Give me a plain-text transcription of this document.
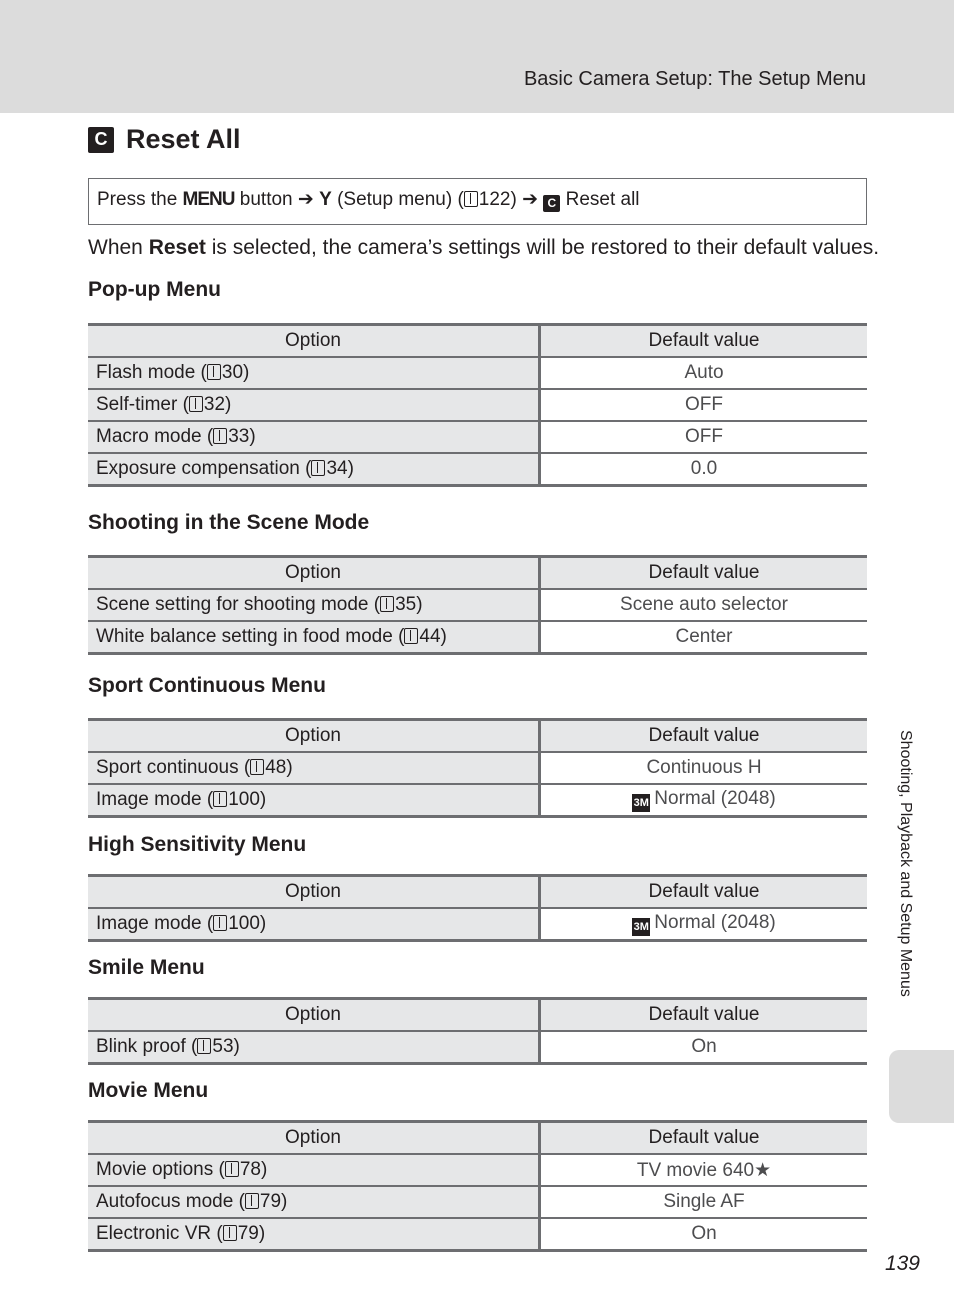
Basic Camera Setup: The Setup Menu
C Reset All
Press the MENU button ➔ Y (Setup menu) ( 122) ➔ C Reset all
When Reset is selected, the camera’s settings will be restored to their default values.
Pop-up Menu
Option	Default value
Flash mode ( 30)	Auto
Self-timer ( 32)	OFF
Macro mode ( 33)	OFF
Exposure compensation ( 34)	0.0
Shooting in the Scene Mode
Option	Default value
Scene setting for shooting mode ( 35)	Scene auto selector
White balance setting in food mode ( 44)	Center
Sport Continuous Menu
Option	Default value
Sport continuous ( 48)	Continuous H
Image mode ( 100)	3M Normal (2048)
High Sensitivity Menu
Option	Default value
Image mode ( 100)	3M Normal (2048)
Smile Menu
Option	Default value
Blink proof ( 53)	On
Movie Menu
Option	Default value
Movie options ( 78)	TV movie 640★
Autofocus mode ( 79)	Single AF
Electronic VR ( 79)	On
Shooting, Playback and Setup Menus
139
